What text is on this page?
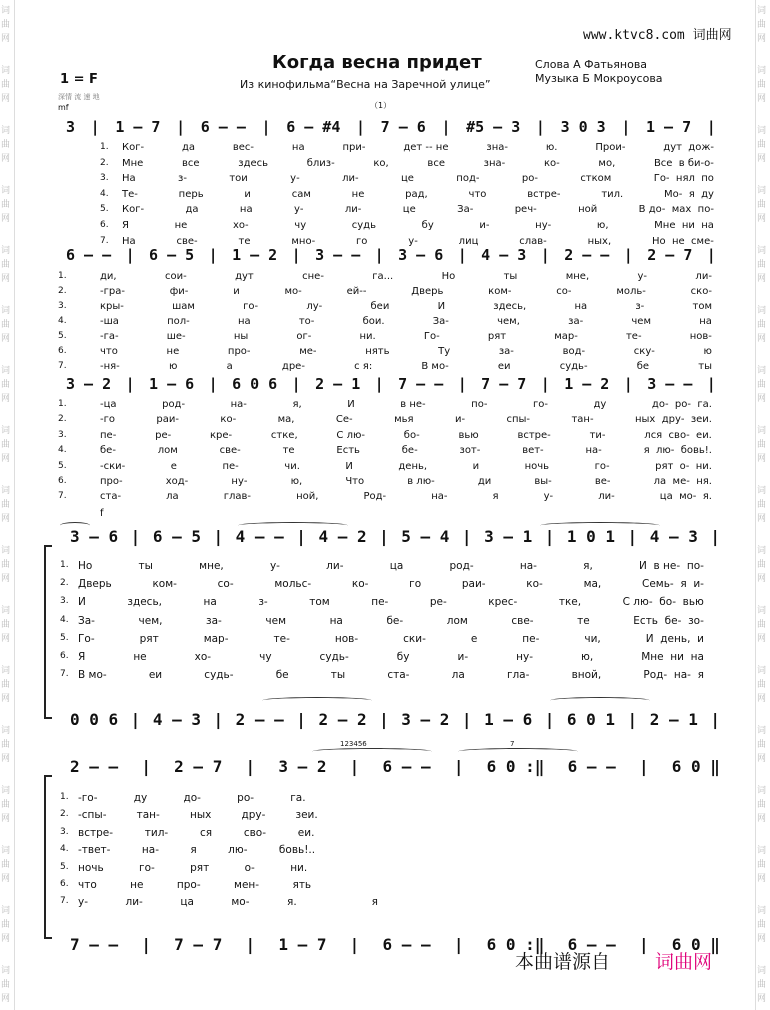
词
曲
网
词
曲
网
词
曲
网
词
曲
网
词
曲
网
词
曲
网
词
曲
网
词
曲
网
词
曲
网
词
曲
网
词
曲
网
词
曲
网
词
曲
网
词
曲
网
词
曲
网
词
曲
网
词
曲
网
词
曲
网
词
曲
网
词
曲
网
词
曲
网
词
曲
网
词
曲
网
词
曲
网
词
曲
网
词
曲
网
词
曲
网
词
曲
网
词
曲
网
词
曲
网
词
曲
网
词
曲
网
词
曲
网
词
曲
网
www.ktvc8.com 词曲网
Когда весна придет
Из кинофильма“Весна на Заречной улице”
Слова А Фатьянова
Музыка Б Мокроусова
1 = F
深情 流 速 地
mf	（1）
f
123456	7
3 | 1 – 7 | 6 – – | 6 – #4 | 7 – 6 | #5 – 3 | 3 0 3 | 1 – 7 |
1. Ког-	да	вес-	на	при-	дет -- не	зна-	ю.	Прои-	дут  дож-
2. Мне	все	здесь	близ-	ко,	все	зна-	ко-	мо,	Все  в би-о-
3. На	з-	тои	у-	ли-	це	под-	ро-	стком	Го-  нял  по
4. Те-	перь	и	сам	не	рад,	что	встре-	тил.	Мо-  я  ду
5. Ког-	да	на	у-	ли-	це	За-	реч-	ной	В до-  мах  по-
6. Я	не	хо-	чу	судь	бу	и-	ну-	ю,	Мне  ни  на
7. На	све-	те	мно-	го	у-	лиц	слав-	ных,	Но  не  сме-
6 – – | 6 – 5 | 1 – 2 | 3 – – | 3 – 6 | 4 – 3 | 2 – – | 2 – 7 |
1.	ди,	сои-	дут	сне-	га...	Но	ты	мне,	у-	ли-
2.	-гра-	фи-	и	мо-	ей--	Дверь	ком-	со-	моль-	ско-
3.	кры-	шам	го-	лу-	беи	И	здесь,	на	з-	том
4.	-ша	пол-	на	то-	бои.	За-	чем,	за-	чем	на
5.	-га-	ше-	ны	ог-	ни.	Го-	рят	мар-	те-	нов-
6.	что	не	про-	ме-	нять	Ту	за-	вод-	ску-	ю
7.	-ня-	ю	а	дре-	с я:	В мо-	еи	судь-	бе	ты
3 – 2 | 1 – 6 | 6 0 6 | 2 – 1 | 7 – – | 7 – 7 | 1 – 2 | 3 – – |
1.	-ца	род-	на-	я,	И	в не-	по-	го-	ду	до-  ро-  га.
2.	-го	раи-	ко-	ма,	Се-	мья	и-	спы-	тан-	ных  дру-  зеи.
3.	пе-	ре-	кре-	стке,	С лю-	бо-	вью	встре-	ти-	лся  сво-  еи.
4.	бе-	лом	све-	те	Есть	бе-	зот-	вет-	на-	я  лю-  бовь!.
5.	-ски-	е	пе-	чи.	И	день,	и	ночь	го-	рят  о-  ни.
6.	про-	ход-	ну-	ю,	Что	в лю-	ди	вы-	ве-	ла  ме-  ня.
7.	ста-	ла	глав-	ной,	Род-	на-	я	у-	ли-	ца  мо-  я.
3 – 6 | 6 – 5 | 4 – – | 4 – 2 | 5 – 4 | 3 – 1 | 1 0 1 | 4 – 3 |
1. Но	ты	мне,	у-	ли-	ца	род-	на-	я,	И  в не-  по-
2. Дверь	ком-	со-	мольс-	ко-	го	раи-	ко-	ма,	Семь-  я  и-
3. И	здесь,	на	з-	том	пе-	ре-	крес-	тке,	С лю-  бо-  вью
4. За-	чем,	за-	чем	на	бе-	лом	све-	те	Есть  бе-  зо-
5. Го-	рят	мар-	те-	нов-	ски-	е	пе-	чи,	И  день,  и
6. Я	не	хо-	чу	судь-	бу	и-	ну-	ю,	Мне  ни  на
7. В мо-	еи	судь-	бе	ты	ста-	ла	гла-	вной,	Род-  на-  я
0 0 6 | 4 – 3 | 2 – – | 2 – 2 | 3 – 2 | 1 – 6 | 6 0 1 | 2 — 1 |
2 – – | 2 – 7 | 3 – 2 | 6 – – | 6 0 :‖ 6 – – | 6 0 ‖
1. -го-	ду	до-	ро-	га.
2. -спы-	тан-	ных	дру-	зеи.
3. встре-	тил-	ся	сво-	еи.
4. -твет-	на-	я	лю-	бовь!..
5. ночь	го-	рят	о-	ни.
6. что	не	про-	мен-	ять
7. у-	ли-	ца	мо-	я.	я
7 – – | 7 – 7 | 1 – 7 | 6 – – | 6 0 :‖ 6 – – | 6 0 ‖
本曲谱源自 词曲网
